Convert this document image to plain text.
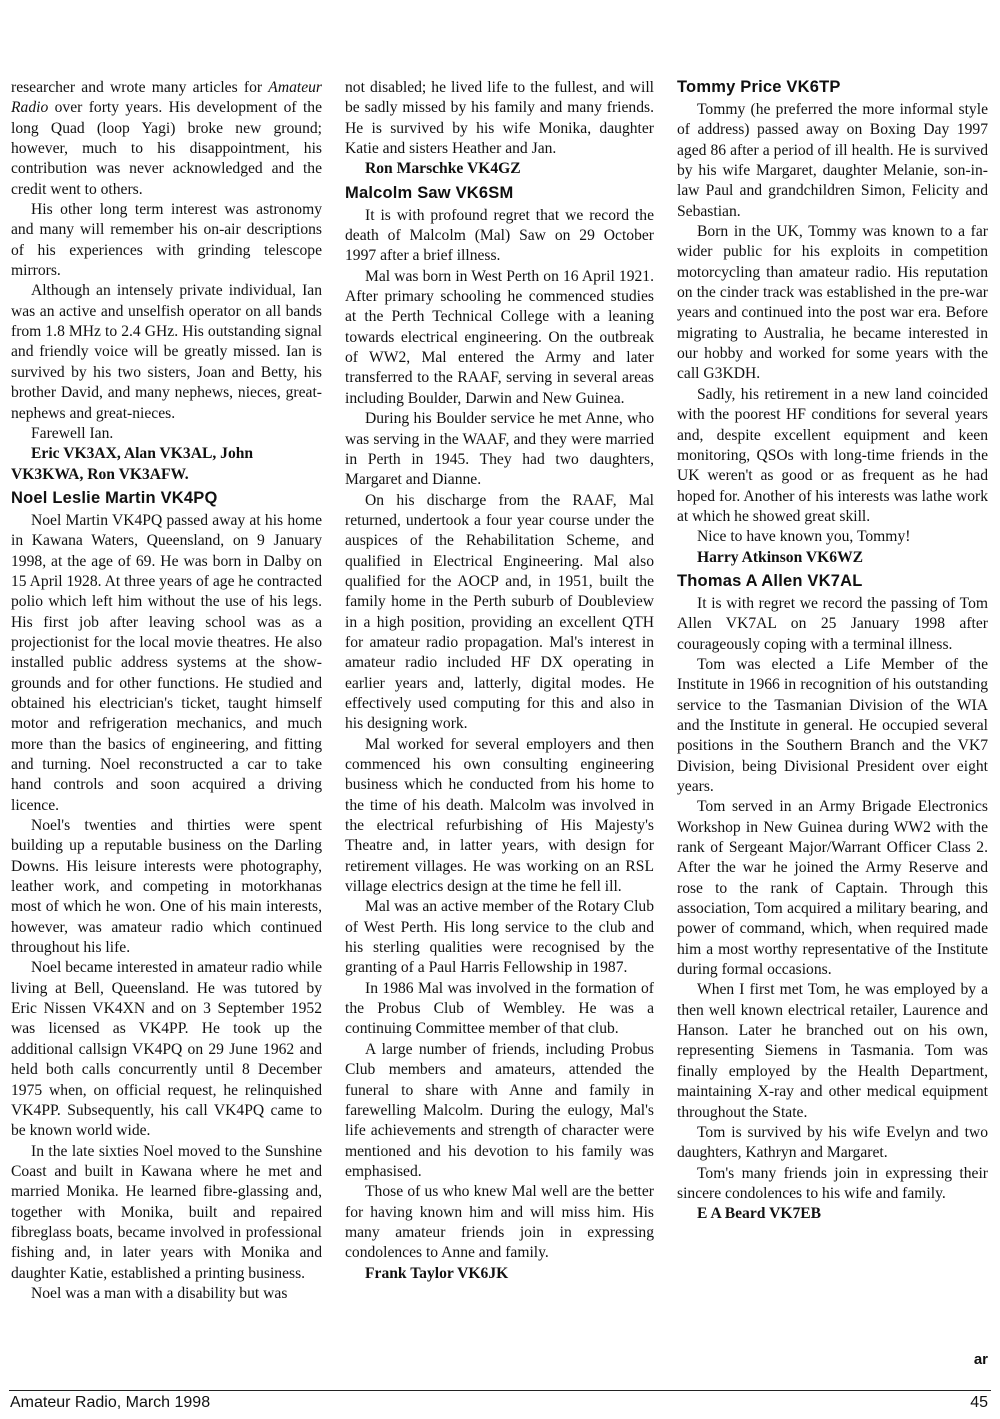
researcher and wrote many articles for Amateur Radio over forty years. His development of the long Quad (loop Yagi) broke new ground; however, much to his disappointment, his contribution was never acknowledged and the credit went to others.

His other long term interest was astronomy and many will remember his on-air descriptions of his experiences with grinding telescope mirrors.

Although an intensely private individual, Ian was an active and unselfish operator on all bands from 1.8 MHz to 2.4 GHz. His outstanding signal and friendly voice will be greatly missed. Ian is survived by his two sisters, Joan and Betty, his brother David, and many nephews, nieces, great-nephews and great-nieces.

Farewell Ian.

Eric VK3AX, Alan VK3AL, John VK3KWA, Ron VK3AFW.

Noel Leslie Martin VK4PQ

Noel Martin VK4PQ passed away at his home in Kawana Waters, Queensland, on 9 January 1998, at the age of 69. He was born in Dalby on 15 April 1928. At three years of age he contracted polio which left him without the use of his legs. His first job after leaving school was as a projectionist for the local movie theatres. He also installed public address systems at the show-grounds and for other functions. He studied and obtained his electrician's ticket, taught himself motor and refrigeration mechanics, and much more than the basics of engineering, and fitting and turning. Noel reconstructed a car to take hand controls and soon acquired a driving licence.

Noel's twenties and thirties were spent building up a reputable business on the Darling Downs. His leisure interests were photography, leather work, and competing in motorkhanas most of which he won. One of his main interests, however, was amateur radio which continued throughout his life.

Noel became interested in amateur radio while living at Bell, Queensland. He was tutored by Eric Nissen VK4XN and on 3 September 1952 was licensed as VK4PP. He took up the additional callsign VK4PQ on 29 June 1962 and held both calls concurrently until 8 December 1975 when, on official request, he relinquished VK4PP. Subsequently, his call VK4PQ came to be known world wide.

In the late sixties Noel moved to the Sunshine Coast and built in Kawana where he met and married Monika. He learned fibre-glassing and, together with Monika, built and repaired fibreglass boats, became involved in professional fishing and, in later years with Monika and daughter Katie, established a printing business.

Noel was a man with a disability but was

not disabled; he lived life to the fullest, and will be sadly missed by his family and many friends. He is survived by his wife Monika, daughter Katie and sisters Heather and Jan.

Ron Marschke VK4GZ

Malcolm Saw VK6SM

It is with profound regret that we record the death of Malcolm (Mal) Saw on 29 October 1997 after a brief illness.

Mal was born in West Perth on 16 April 1921. After primary schooling he commenced studies at the Perth Technical College with a leaning towards electrical engineering. On the outbreak of WW2, Mal entered the Army and later transferred to the RAAF, serving in several areas including Boulder, Darwin and New Guinea.

During his Boulder service he met Anne, who was serving in the WAAF, and they were married in Perth in 1945. They had two daughters, Margaret and Dianne.

On his discharge from the RAAF, Mal returned, undertook a four year course under the auspices of the Rehabilitation Scheme, and qualified in Electrical Engineering. Mal also qualified for the AOCP and, in 1951, built the family home in the Perth suburb of Doubleview in a high position, providing an excellent QTH for amateur radio propagation. Mal's interest in amateur radio included HF DX operating in earlier years and, latterly, digital modes. He effectively used computing for this and also in his designing work.

Mal worked for several employers and then commenced his own consulting engineering business which he conducted from his home to the time of his death. Malcolm was involved in the electrical refurbishing of His Majesty's Theatre and, in latter years, with design for retirement villages. He was working on an RSL village electrics design at the time he fell ill.

Mal was an active member of the Rotary Club of West Perth. His long service to the club and his sterling qualities were recognised by the granting of a Paul Harris Fellowship in 1987.

In 1986 Mal was involved in the formation of the Probus Club of Wembley. He was a continuing Committee member of that club.

A large number of friends, including Probus Club members and amateurs, attended the funeral to share with Anne and family in farewelling Malcolm. During the eulogy, Mal's life achievements and strength of character were mentioned and his devotion to his family was emphasised.

Those of us who knew Mal well are the better for having known him and will miss him. His many amateur friends join in expressing condolences to Anne and family.

Frank Taylor VK6JK

Tommy Price VK6TP

Tommy (he preferred the more informal style of address) passed away on Boxing Day 1997 aged 86 after a period of ill health. He is survived by his wife Margaret, daughter Melanie, son-in-law Paul and grandchildren Simon, Felicity and Sebastian.

Born in the UK, Tommy was known to a far wider public for his exploits in competition motorcycling than amateur radio. His reputation on the cinder track was established in the pre-war years and continued into the post war era. Before migrating to Australia, he became interested in our hobby and worked for some years with the call G3KDH.

Sadly, his retirement in a new land coincided with the poorest HF conditions for several years and, despite excellent equipment and keen monitoring, QSOs with long-time friends in the UK weren't as good or as frequent as he had hoped for. Another of his interests was lathe work at which he showed great skill.

Nice to have known you, Tommy!

Harry Atkinson VK6WZ

Thomas A Allen VK7AL

It is with regret we record the passing of Tom Allen VK7AL on 25 January 1998 after courageously coping with a terminal illness.

Tom was elected a Life Member of the Institute in 1966 in recognition of his outstanding service to the Tasmanian Division of the WIA and the Institute in general. He occupied several positions in the Southern Branch and the VK7 Division, being Divisional President over eight years.

Tom served in an Army Brigade Electronics Workshop in New Guinea during WW2 with the rank of Sergeant Major/Warrant Officer Class 2. After the war he joined the Army Reserve and rose to the rank of Captain. Through this association, Tom acquired a military bearing, and power of command, which, when required made him a most worthy representative of the Institute during formal occasions.

When I first met Tom, he was employed by a then well known electrical retailer, Laurence and Hanson. Later he branched out on his own, representing Siemens in Tasmania. Tom was finally employed by the Health Department, maintaining X-ray and other medical equipment throughout the State.

Tom is survived by his wife Evelyn and two daughters, Kathryn and Margaret.

Tom's many friends join in expressing their sincere condolences to his wife and family.

E A Beard VK7EB

ar
Amateur Radio, March 1998	45
